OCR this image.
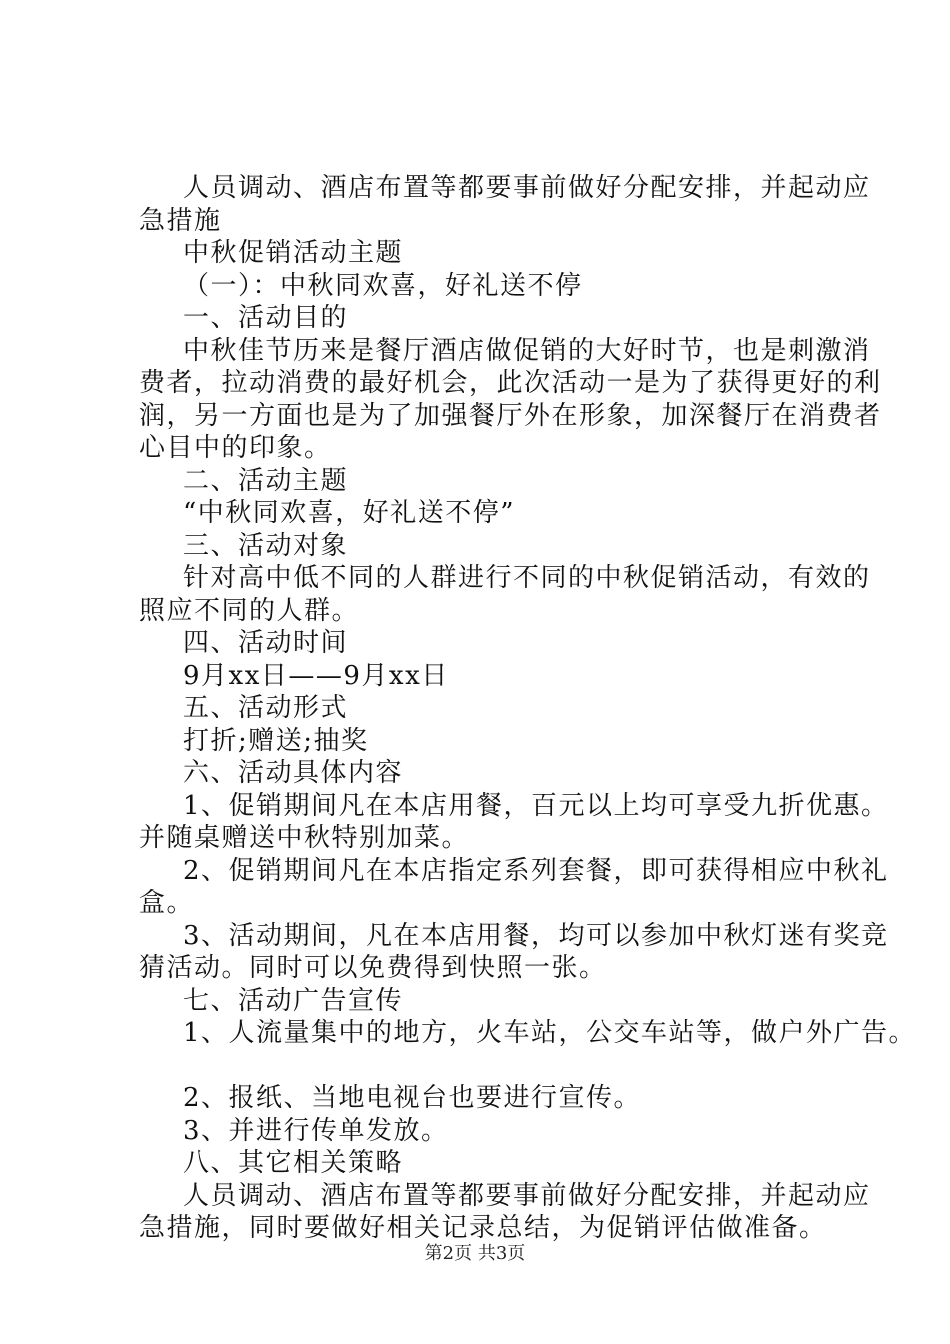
人员调动、酒店布置等都要事前做好分配安排，并起动应

急措施

中秋促销活动主题

（一）：中秋同欢喜，好礼送不停

一、活动目的

中秋佳节历来是餐厅酒店做促销的大好时节，也是刺激消

费者，拉动消费的最好机会，此次活动一是为了获得更好的利

润，另一方面也是为了加强餐厅外在形象，加深餐厅在消费者

心目中的印象。

二、活动主题

“中秋同欢喜，好礼送不停”

三、活动对象

针对高中低不同的人群进行不同的中秋促销活动，有效的

照应不同的人群。

四、活动时间

9月xx日——9月xx日

五、活动形式

打折;赠送;抽奖

六、活动具体内容

1、促销期间凡在本店用餐，百元以上均可享受九折优惠。

并随桌赠送中秋特别加菜。

2、促销期间凡在本店指定系列套餐，即可获得相应中秋礼

盒。

3、活动期间，凡在本店用餐，均可以参加中秋灯迷有奖竞

猜活动。同时可以免费得到快照一张。

七、活动广告宣传

1、人流量集中的地方，火车站，公交车站等，做户外广告。

2、报纸、当地电视台也要进行宣传。

3、并进行传单发放。

八、其它相关策略

人员调动、酒店布置等都要事前做好分配安排，并起动应

急措施，同时要做好相关记录总结，为促销评估做准备。

第2页 共3页
